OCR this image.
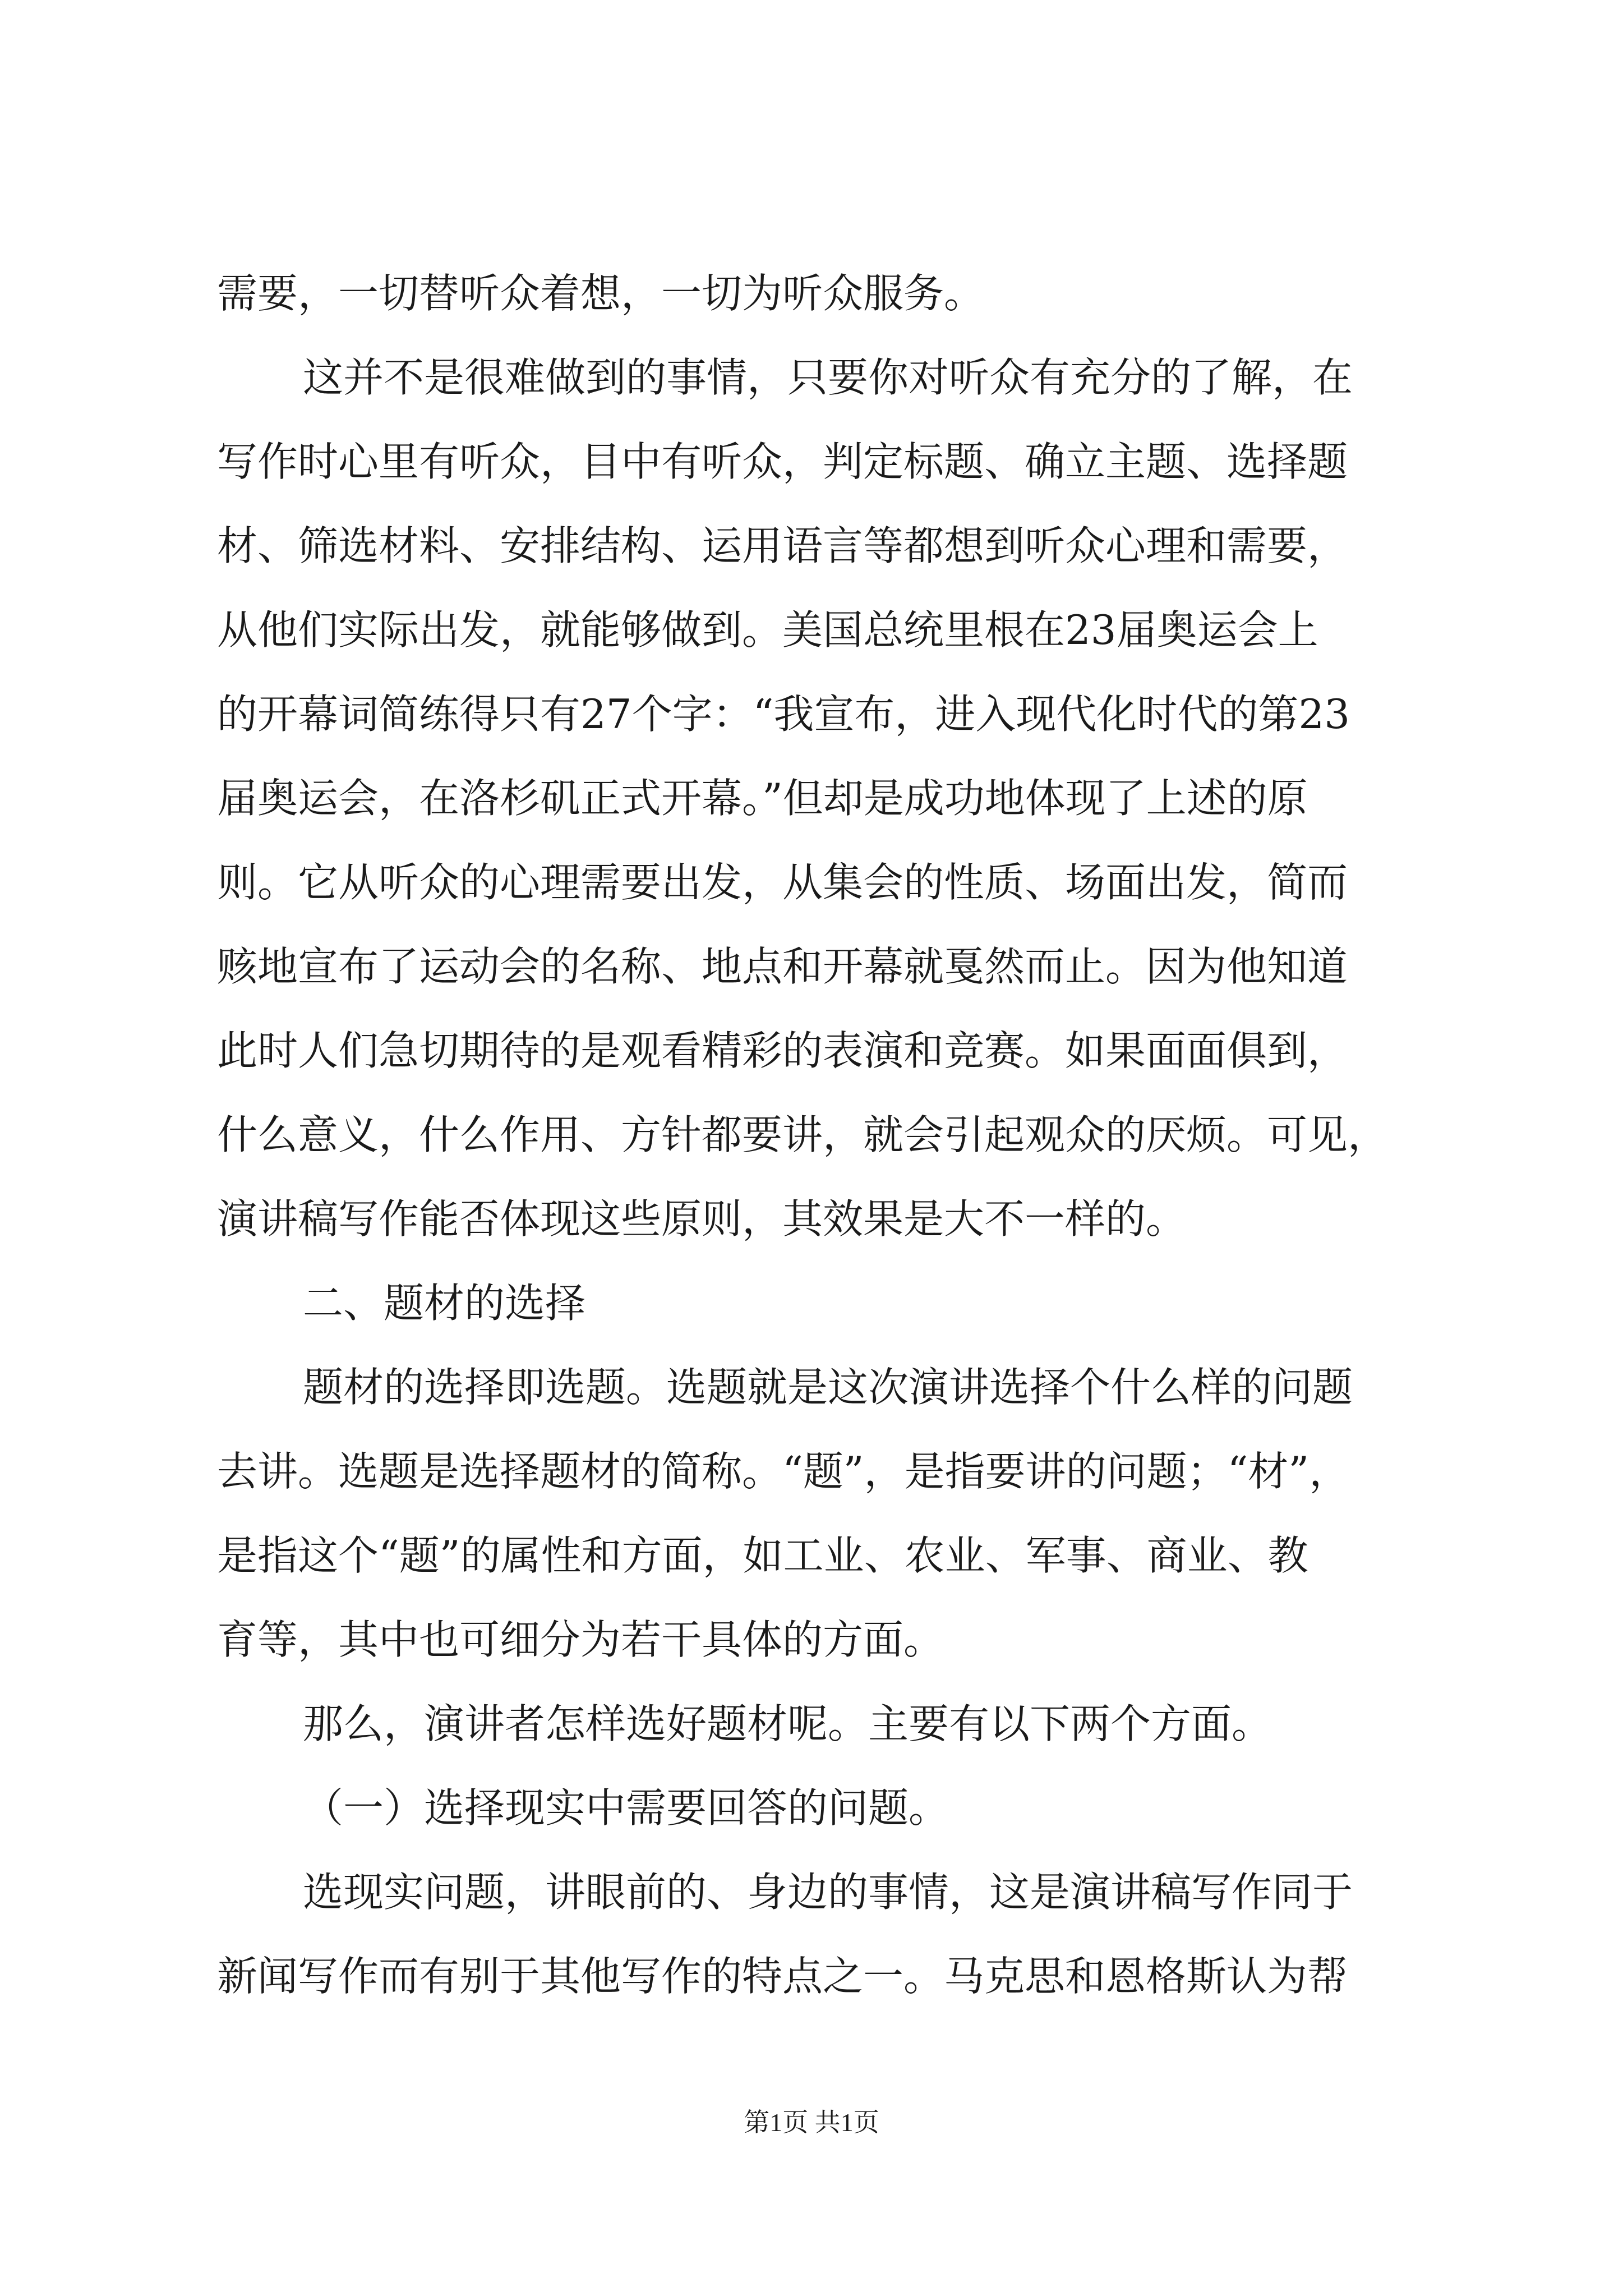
需要，一切替听众着想，一切为听众服务。
这并不是很难做到的事情，只要你对听众有充分的了解，在
写作时心里有听众，目中有听众，判定标题、确立主题、选择题
材、筛选材料、安排结构、运用语言等都想到听众心理和需要，
从他们实际出发，就能够做到。美国总统里根在23届奥运会上
的开幕词简练得只有27个字：“我宣布，进入现代化时代的第23
届奥运会，在洛杉矶正式开幕。”但却是成功地体现了上述的原
则。它从听众的心理需要出发，从集会的性质、场面出发，简而
赅地宣布了运动会的名称、地点和开幕就戛然而止。因为他知道
此时人们急切期待的是观看精彩的表演和竞赛。如果面面俱到，
什么意义，什么作用、方针都要讲，就会引起观众的厌烦。可见，
演讲稿写作能否体现这些原则，其效果是大不一样的。
二、题材的选择
题材的选择即选题。选题就是这次演讲选择个什么样的问题
去讲。选题是选择题材的简称。“题”，是指要讲的问题；“材”，
是指这个“题”的属性和方面，如工业、农业、军事、商业、教
育等，其中也可细分为若干具体的方面。
那么，演讲者怎样选好题材呢。主要有以下两个方面。
（一）选择现实中需要回答的问题。
选现实问题，讲眼前的、身边的事情，这是演讲稿写作同于
新闻写作而有别于其他写作的特点之一。马克思和恩格斯认为帮
第1页 共1页
